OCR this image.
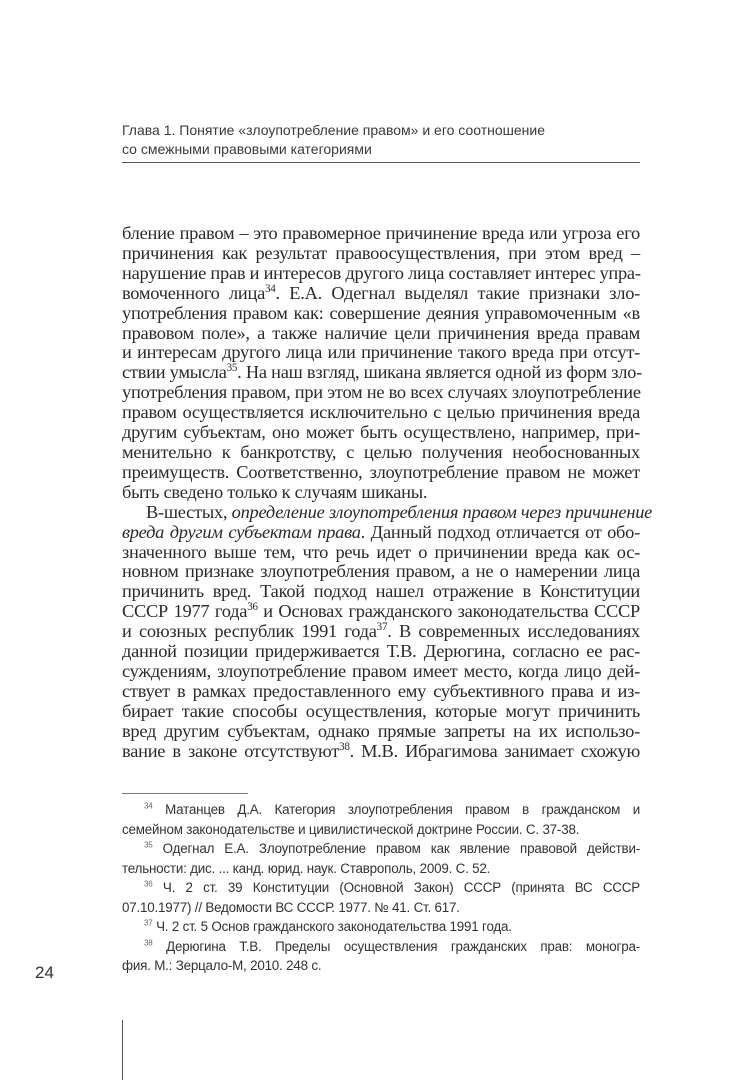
Глава 1. Понятие «злоупотребление правом» и его соотношение
со смежными правовыми категориями
бление правом – это правомерное причинение вреда или угроза его
причинения как результат правоосуществления, при этом вред –
нарушение прав и интересов другого лица составляет интерес упра-
вомоченного лица$^{34}$. Е.А. Одегнал выделял такие признаки зло-
употребления правом как: совершение деяния управомоченным «в
правовом поле», а также наличие цели причинения вреда правам
и интересам другого лица или причинение такого вреда при отсут-
ствии умысла$^{35}$. На наш взгляд, шикана является одной из форм зло-
употребления правом, при этом не во всех случаях злоупотребление
правом осуществляется исключительно с целью причинения вреда
другим субъектам, оно может быть осуществлено, например, при-
менительно к банкротству, с целью получения необоснованных
преимуществ. Соответственно, злоупотребление правом не может
быть сведено только к случаям шиканы.
В-шестых, определение злоупотребления правом через причинение
вреда другим субъектам права. Данный подход отличается от обо-
значенного выше тем, что речь идет о причинении вреда как ос-
новном признаке злоупотребления правом, а не о намерении лица
причинить вред. Такой подход нашел отражение в Конституции
СССР 1977 года$^{36}$ и Основах гражданского законодательства СССР
и союзных республик 1991 года$^{37}$. В современных исследованиях
данной позиции придерживается Т.В. Дерюгина, согласно ее рас-
суждениям, злоупотребление правом имеет место, когда лицо дей-
ствует в рамках предоставленного ему субъективного права и из-
бирает такие способы осуществления, которые могут причинить
вред другим субъектам, однако прямые запреты на их использо-
вание в законе отсутствуют$^{38}$. М.В. Ибрагимова занимает схожую
$^{34}$ Матанцев Д.А. Категория злоупотребления правом в гражданском и
семейном законодательстве и цивилистической доктрине России. С. 37-38.
$^{35}$ Одегнал Е.А. Злоупотребление правом как явление правовой действи-
тельности: дис. ... канд. юрид. наук. Ставрополь, 2009. С. 52.
$^{36}$ Ч. 2 ст. 39 Конституции (Основной Закон) СССР (принята ВС СССР
07.10.1977) // Ведомости ВС СССР. 1977. № 41. Ст. 617.
$^{37}$ Ч. 2 ст. 5 Основ гражданского законодательства 1991 года.
$^{38}$ Дерюгина Т.В. Пределы осуществления гражданских прав: моногра-
фия. М.: Зерцало-М, 2010. 248 с.
24
